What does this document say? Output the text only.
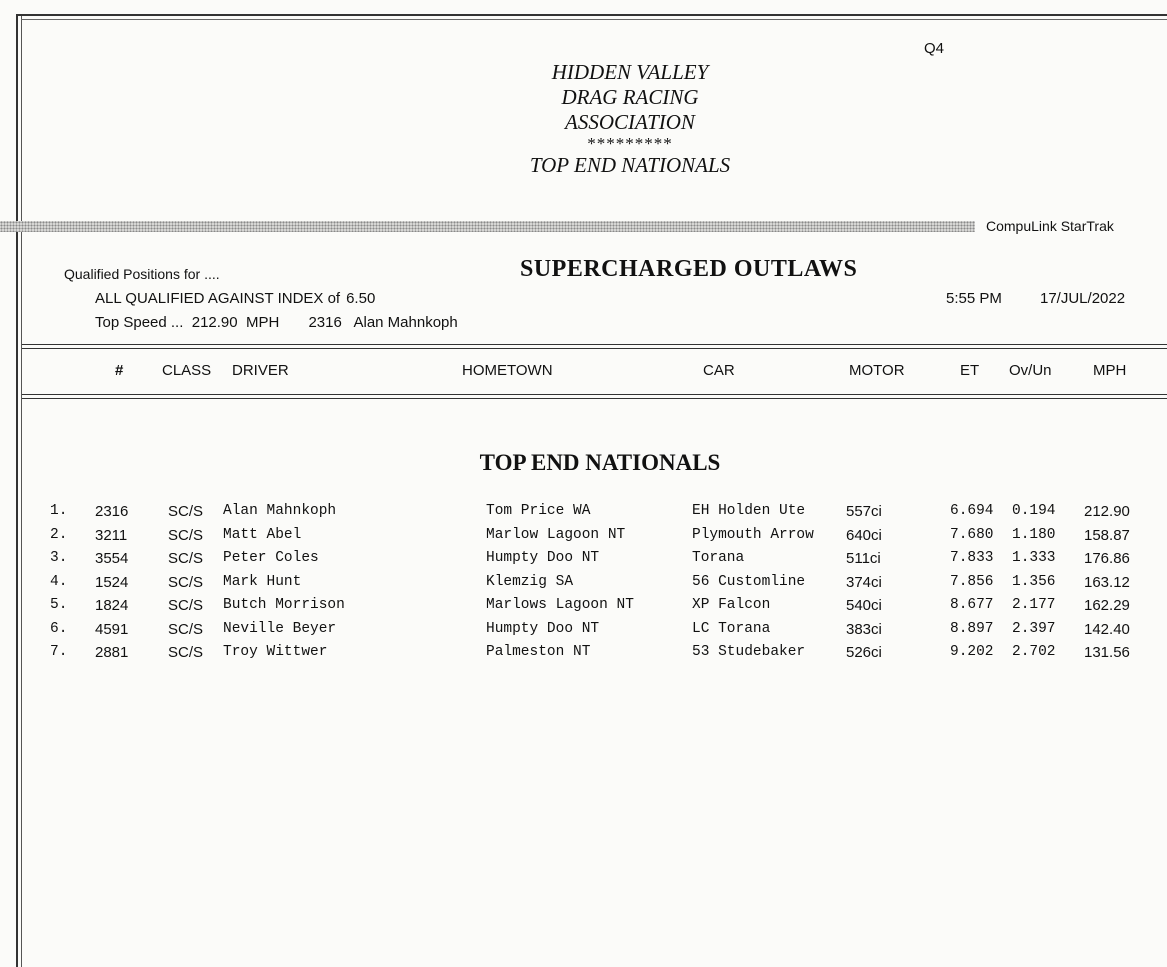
Q4
HIDDEN VALLEY
DRAG RACING
ASSOCIATION
*********
TOP END NATIONALS
CompuLink StarTrak
Qualified Positions for ....	SUPERCHARGED OUTLAWS
ALL QUALIFIED AGAINST INDEX of 6.50	5:55 PM	17/JUL/2022
Top Speed ...  212.90  MPH       2316   Alan Mahnkoph
#	CLASS DRIVER	HOMETOWN	CAR	MOTOR	ET Ov/Un	MPH
TOP END NATIONALS
1. 2316	SC/S Alan Mahnkoph	Tom Price WA	EH Holden Ute	557ci	6.694 0.194 212.90
2. 3211	SC/S Matt Abel	Marlow Lagoon NT	Plymouth Arrow 640ci	7.680 1.180 158.87
3. 3554	SC/S Peter Coles	Humpty Doo NT	Torana	511ci	7.833 1.333 176.86
4. 1524	SC/S Mark Hunt	Klemzig SA	56 Customline	374ci	7.856 1.356 163.12
5. 1824	SC/S Butch Morrison	Marlows Lagoon NT	XP Falcon	540ci	8.677 2.177 162.29
6. 4591	SC/S Neville Beyer	Humpty Doo NT	LC Torana	383ci	8.897 2.397 142.40
7. 2881	SC/S Troy Wittwer	Palmeston NT	53 Studebaker	526ci	9.202 2.702 131.56
